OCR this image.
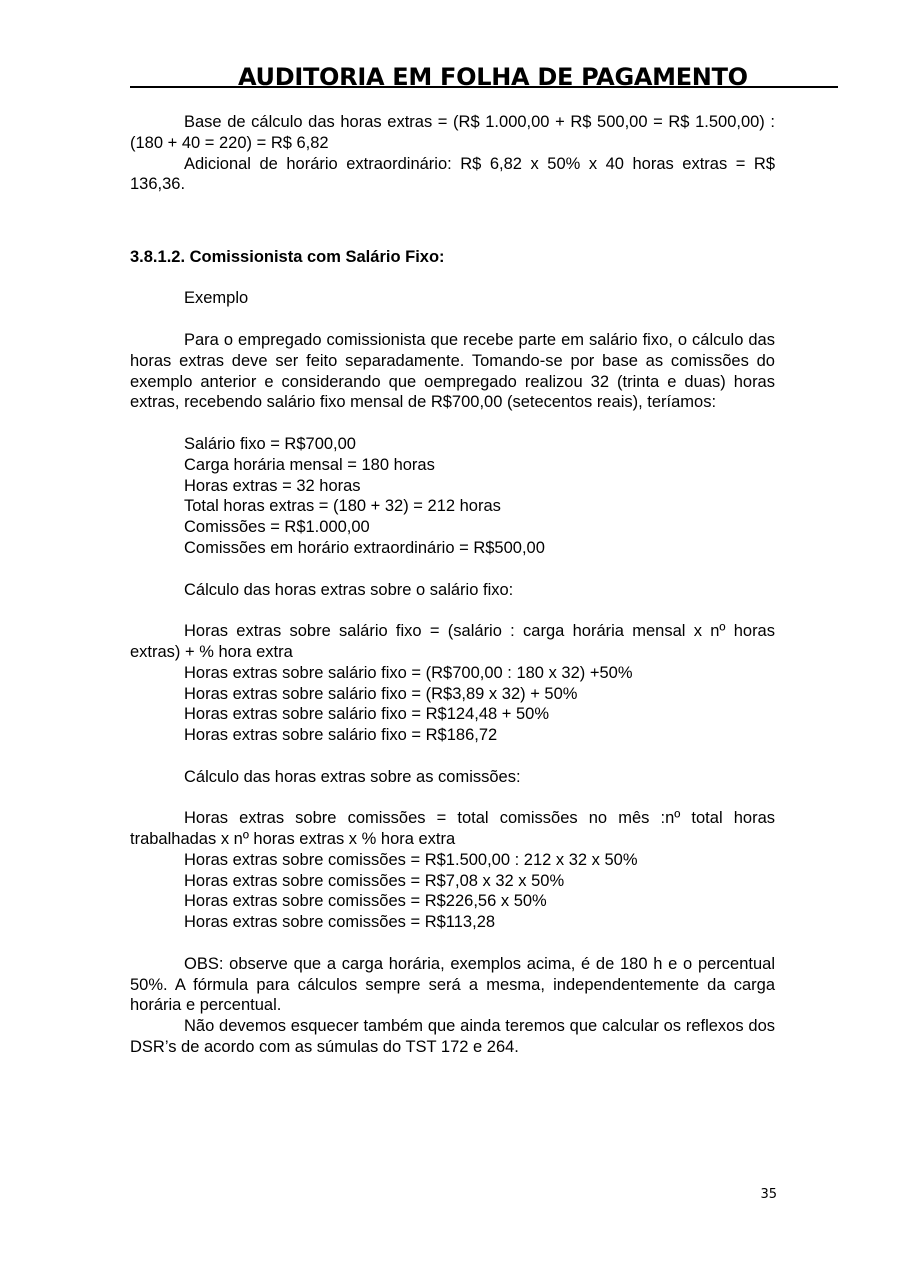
AUDITORIA EM FOLHA DE PAGAMENTO

Base de cálculo das horas extras = (R$ 1.000,00 + R$ 500,00 = R$ 1.500,00) : (180 + 40 = 220) = R$ 6,82

Adicional de horário extraordinário: R$ 6,82 x 50% x 40 horas extras = R$ 136,36.

3.8.1.2. Comissionista com Salário Fixo:

Exemplo

Para o empregado comissionista que recebe parte em salário fixo, o cálculo das horas extras deve ser feito separadamente. Tomando-se por base as comissões do exemplo anterior e considerando que oempregado realizou 32 (trinta e duas) horas extras, recebendo salário fixo mensal de R$700,00 (setecentos reais), teríamos:

Salário fixo = R$700,00

Carga horária mensal = 180 horas

Horas extras = 32 horas

Total horas extras = (180 + 32) = 212 horas

Comissões = R$1.000,00

Comissões em horário extraordinário = R$500,00

Cálculo das horas extras sobre o salário fixo:

Horas extras sobre salário fixo = (salário : carga horária mensal x nº horas extras) + % hora extra

Horas extras sobre salário fixo = (R$700,00 : 180 x 32) +50%

Horas extras sobre salário fixo = (R$3,89 x 32) + 50%

Horas extras sobre salário fixo = R$124,48 + 50%

Horas extras sobre salário fixo = R$186,72

Cálculo das horas extras sobre as comissões:

Horas extras sobre comissões = total comissões no mês :nº total horas trabalhadas x nº horas extras x % hora extra

Horas extras sobre comissões = R$1.500,00 : 212 x 32 x 50%

Horas extras sobre comissões = R$7,08 x 32 x 50%

Horas extras sobre comissões = R$226,56 x 50%

Horas extras sobre comissões = R$113,28

OBS: observe que a carga horária, exemplos acima, é de 180 h e o percentual 50%. A fórmula para cálculos sempre será a mesma, independentemente da carga horária e percentual.

Não devemos esquecer também que ainda teremos que calcular os reflexos dos DSR’s de acordo com as súmulas do TST 172 e 264.

35
